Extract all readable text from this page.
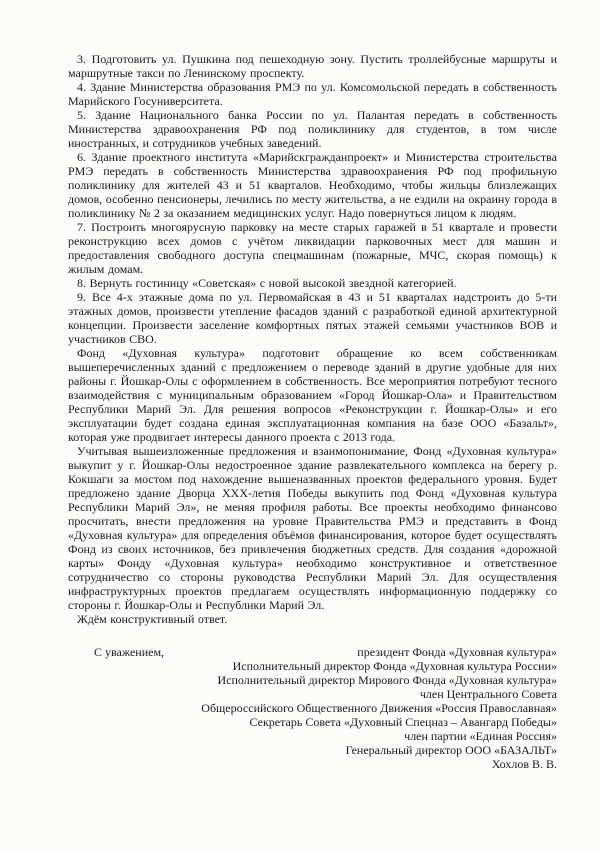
3. Подготовить ул. Пушкина под пешеходную зону. Пустить троллейбусные маршруты и маршрутные такси по Ленинскому проспекту.

4. Здание Министерства образования РМЭ по ул. Комсомольской передать в собственность Марийского Госуниверситета.

5. Здание Национального банка России по ул. Палантая передать в собственность Министерства здравоохранения РФ под поликлинику для студентов, в том числе иностранных, и сотрудников учебных заведений.

6. Здание проектного института «Марийскгражданпроект» и Министерства строительства РМЭ передать в собственность Министерства здравоохранения РФ под профильную поликлинику для жителей 43 и 51 кварталов. Необходимо, чтобы жильцы близлежащих домов, особенно пенсионеры, лечились по месту жительства, а не ездили на окраину города в поликлинику № 2 за оказанием медицинских услуг. Надо повернуться лицом к людям.

7. Построить многоярусную парковку на месте старых гаражей в 51 квартале и провести реконструкцию всех домов с учётом ликвидации парковочных мест для машин и предоставления свободного доступа спецмашинам (пожарные, МЧС, скорая помощь) к жилым домам.

8. Вернуть гостиницу «Советская» с новой высокой звездной категорией.

9. Все 4-х этажные дома по ул. Первомайская в 43 и 51 кварталах надстроить до 5-ти этажных домов, произвести утепление фасадов зданий с разработкой единой архитектурной концепции. Произвести заселение комфортных пятых этажей семьями участников ВОВ и участников СВО.

Фонд «Духовная культура» подготовит обращение ко всем собственникам вышеперечисленных зданий с предложением о переводе зданий в другие удобные для них районы г. Йошкар-Олы с оформлением в собственность. Все мероприятия потребуют тесного взаимодействия с муниципальным образованием «Город Йошкар-Ола» и Правительством Республики Марий Эл. Для решения вопросов «Реконструкции г. Йошкар-Олы» и его эксплуатации будет создана единая эксплуатационная компания на базе ООО «Базальт», которая уже продвигает интересы данного проекта с 2013 года.

Учитывая вышеизложенные предложения и взаимопонимание, Фонд «Духовная культура» выкупит у г. Йошкар-Олы недостроенное здание развлекательного комплекса на берегу р. Кокшаги за мостом под нахождение вышеназванных проектов федерального уровня. Будет предложено здание Дворца XXX-летия Победы выкупить под Фонд «Духовная культура Республики Марий Эл», не меняя профиля работы. Все проекты необходимо финансово просчитать, внести предложения на уровне Правительства РМЭ и представить в Фонд «Духовная культура» для определения объёмов финансирования, которое будет осуществлять Фонд из своих источников, без привлечения бюджетных средств. Для создания «дорожной карты» Фонду «Духовная культура» необходимо конструктивное и ответственное сотрудничество со стороны руководства Республики Марий Эл. Для осуществления инфраструктурных проектов предлагаем осуществлять информационную поддержку со стороны г. Йошкар-Олы и Республики Марий Эл.

Ждём конструктивный ответ.

С уважением,	президент Фонда «Духовная культура»
Исполнительный директор Фонда «Духовная культура России»
Исполнительный директор Мирового Фонда «Духовная культура»
член Центрального Совета
Общероссийского Общественного Движения «Россия Православная»
Секретарь Совета «Духовный Спецназ – Авангард Победы»
член партии «Единая Россия»
Генеральный директор ООО «БАЗАЛЬТ»
Хохлов В. В.
